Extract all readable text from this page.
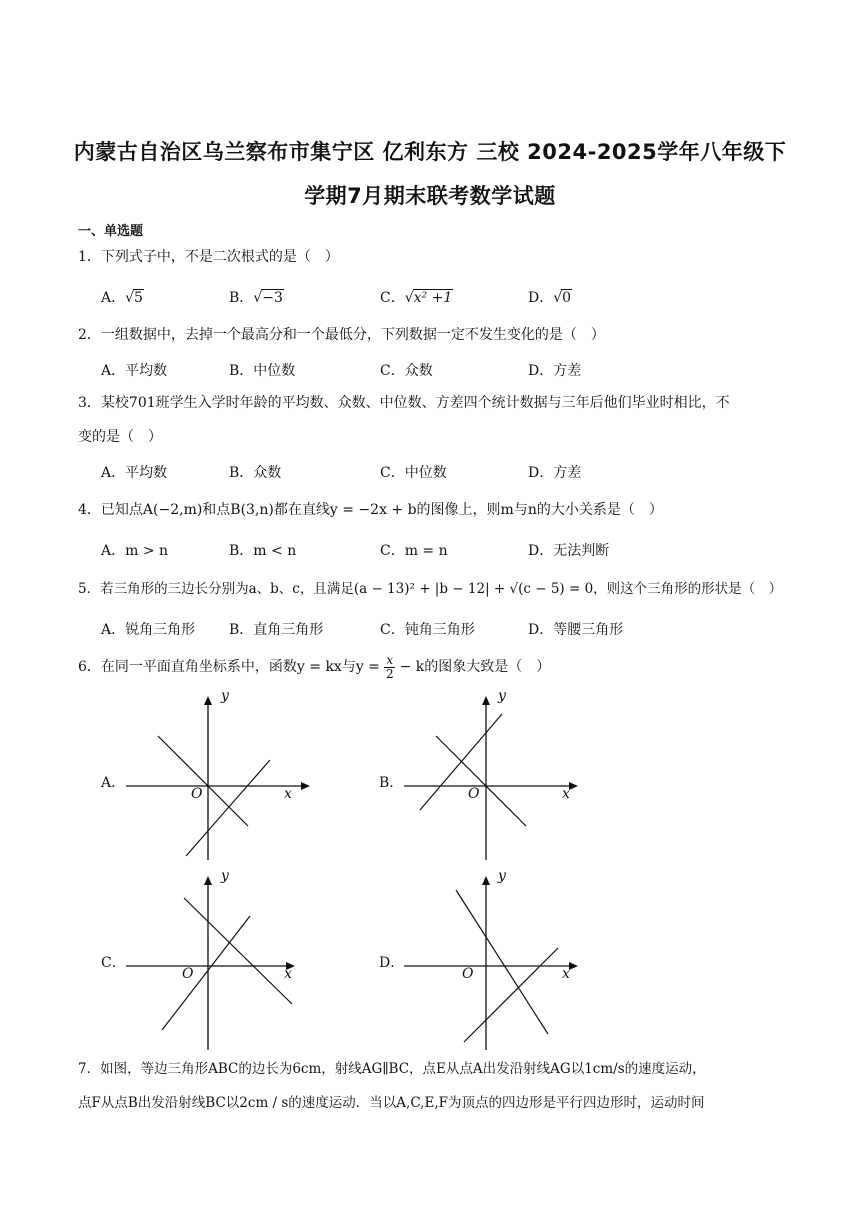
内蒙古自治区乌兰察布市集宁区 亿利东方 三校 2024-2025学年八年级下
学期7月期末联考数学试题
一、单选题
1．下列式子中，不是二次根式的是（　）
A．√5	B．√−3	C．√x² +1	D．√0
2．一组数据中，去掉一个最高分和一个最低分，下列数据一定不发生变化的是（　）
A．平均数	B．中位数	C．众数	D．方差
3．某校701班学生入学时年龄的平均数、众数、中位数、方差四个统计数据与三年后他们毕业时相比，不
变的是（　）
A．平均数	B．众数	C．中位数	D．方差
4．已知点A(−2,m)和点B(3,n)都在直线y = −2x + b的图像上，则m与n的大小关系是（　）
A．m > n	B．m < n	C．m = n	D．无法判断
5．若三角形的三边长分别为a、b、c，且满足(a − 13)² + |b − 12| + √(c − 5) = 0，则这个三角形的形状是（　）
A．锐角三角形 B．直角三角形	C．钝角三角形	D．等腰三角形
6．在同一平面直角坐标系中，函数y = kx与$y = \frac{x}{2} - k$的图象大致是（　）
A．
y
x
O
B．
y
x
O
C．
y
x
O
D．
y
x
O
7．如图，等边三角形ABC的边长为6cm，射线AG∥BC，点E从点A出发沿射线AG以1cm/s的速度运动，
点F从点B出发沿射线BC以2cm / s的速度运动．当以A,C,E,F为顶点的四边形是平行四边形时，运动时间
